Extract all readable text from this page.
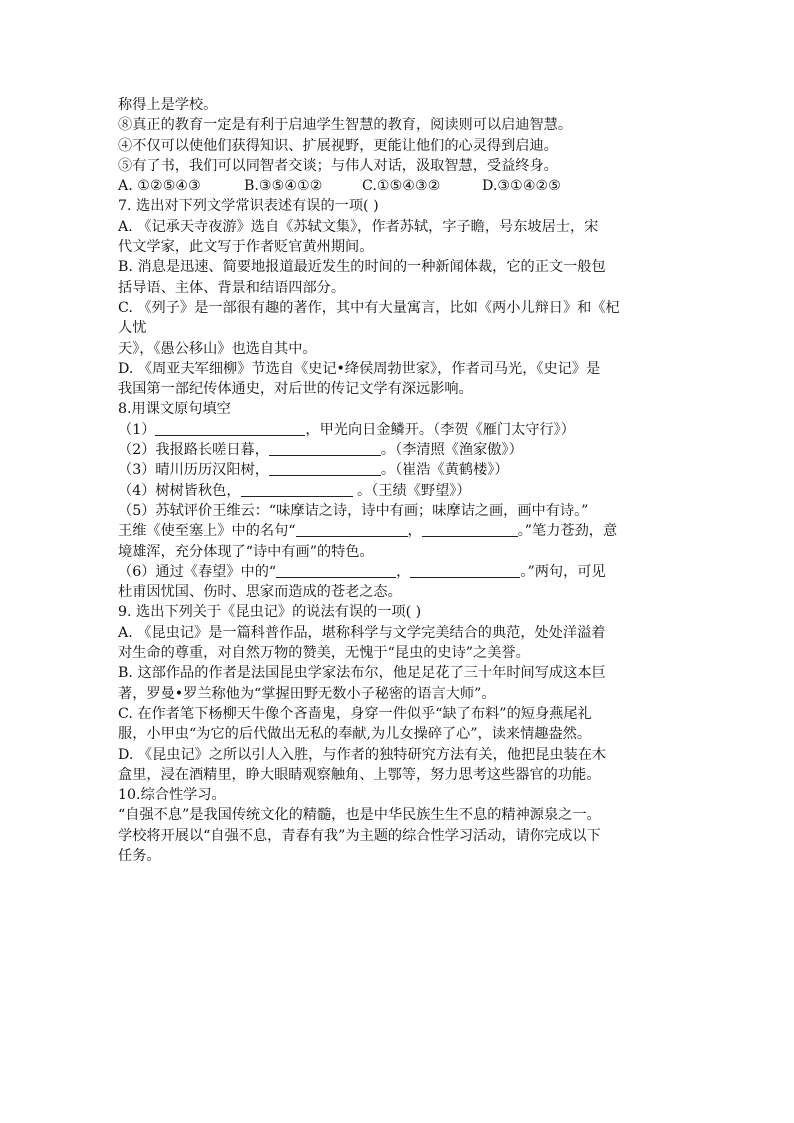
称得上是学校。
⑧真正的教育一定是有利于启迪学生智慧的教育，阅读则可以启迪智慧。
④不仅可以使他们获得知识、扩展视野，更能让他们的心灵得到启迪。
⑤有了书，我们可以同智者交谈；与伟人对话，汲取智慧，受益终身。
A. ①②⑤④③	B.③⑤④①②	C.①⑤④③②	D.③①④②⑤
7. 选出对下列文学常识表述有误的一项( )
A. 《记承天寺夜游》选自《苏轼文集》，作者苏轼，字子瞻，号东坡居士，宋
代文学家，此文写于作者贬官黄州期间。
B. 消息是迅速、简要地报道最近发生的时间的一种新闻体裁，它的正文一般包
括导语、主体、背景和结语四部分。
C. 《列子》是一部很有趣的著作，其中有大量寓言，比如《两小儿辩日》和《杞
人忧
天》，《愚公移山》也选自其中。
D. 《周亚夫军细柳》节选自《史记•绛侯周勃世家》，作者司马光，《史记》是
我国第一部纪传体通史，对后世的传记文学有深远影响。
8.用课文原句填空
（1）	，甲光向日金鳞开。（李贺《雁门太守行》）
（2）我报路长嗟日暮，	。（李清照《渔家傲》）
（3）晴川历历汉阳树，	。（崔浩《黄鹤楼》）
（4）树树皆秋色，	。（王绩《野望》）
（5）苏轼评价王维云：“味摩诘之诗，诗中有画；味摩诘之画，画中有诗。”
王维《使至塞上》中的名句“	，	。”笔力苍劲，意
境雄浑，充分体现了“诗中有画”的特色。
（6）通过《春望》中的“	，	。”两句，可见
杜甫因忧国、伤时、思家而造成的苍老之态。
9. 选出下列关于《昆虫记》的说法有误的一项( )
A. 《昆虫记》是一篇科普作品，堪称科学与文学完美结合的典范，处处洋溢着
对生命的尊重，对自然万物的赞美，无愧于“昆虫的史诗”之美誉。
B. 这部作品的作者是法国昆虫学家法布尔，他足足花了三十年时间写成这本巨
著，罗曼•罗兰称他为“掌握田野无数小子秘密的语言大师”。
C. 在作者笔下杨柳天牛像个吝啬鬼，身穿一件似乎“缺了布料”的短身燕尾礼
服，小甲虫“为它的后代做出无私的奉献,为儿女操碎了心”，读来情趣盎然。
D. 《昆虫记》之所以引人入胜，与作者的独特研究方法有关，他把昆虫装在木
盒里，浸在酒精里，睁大眼睛观察触角、上鄂等，努力思考这些器官的功能。
10.综合性学习。
“自强不息”是我国传统文化的精髓，也是中华民族生生不息的精神源泉之一。
学校将开展以“自强不息，青春有我”为主题的综合性学习活动，请你完成以下
任务。
